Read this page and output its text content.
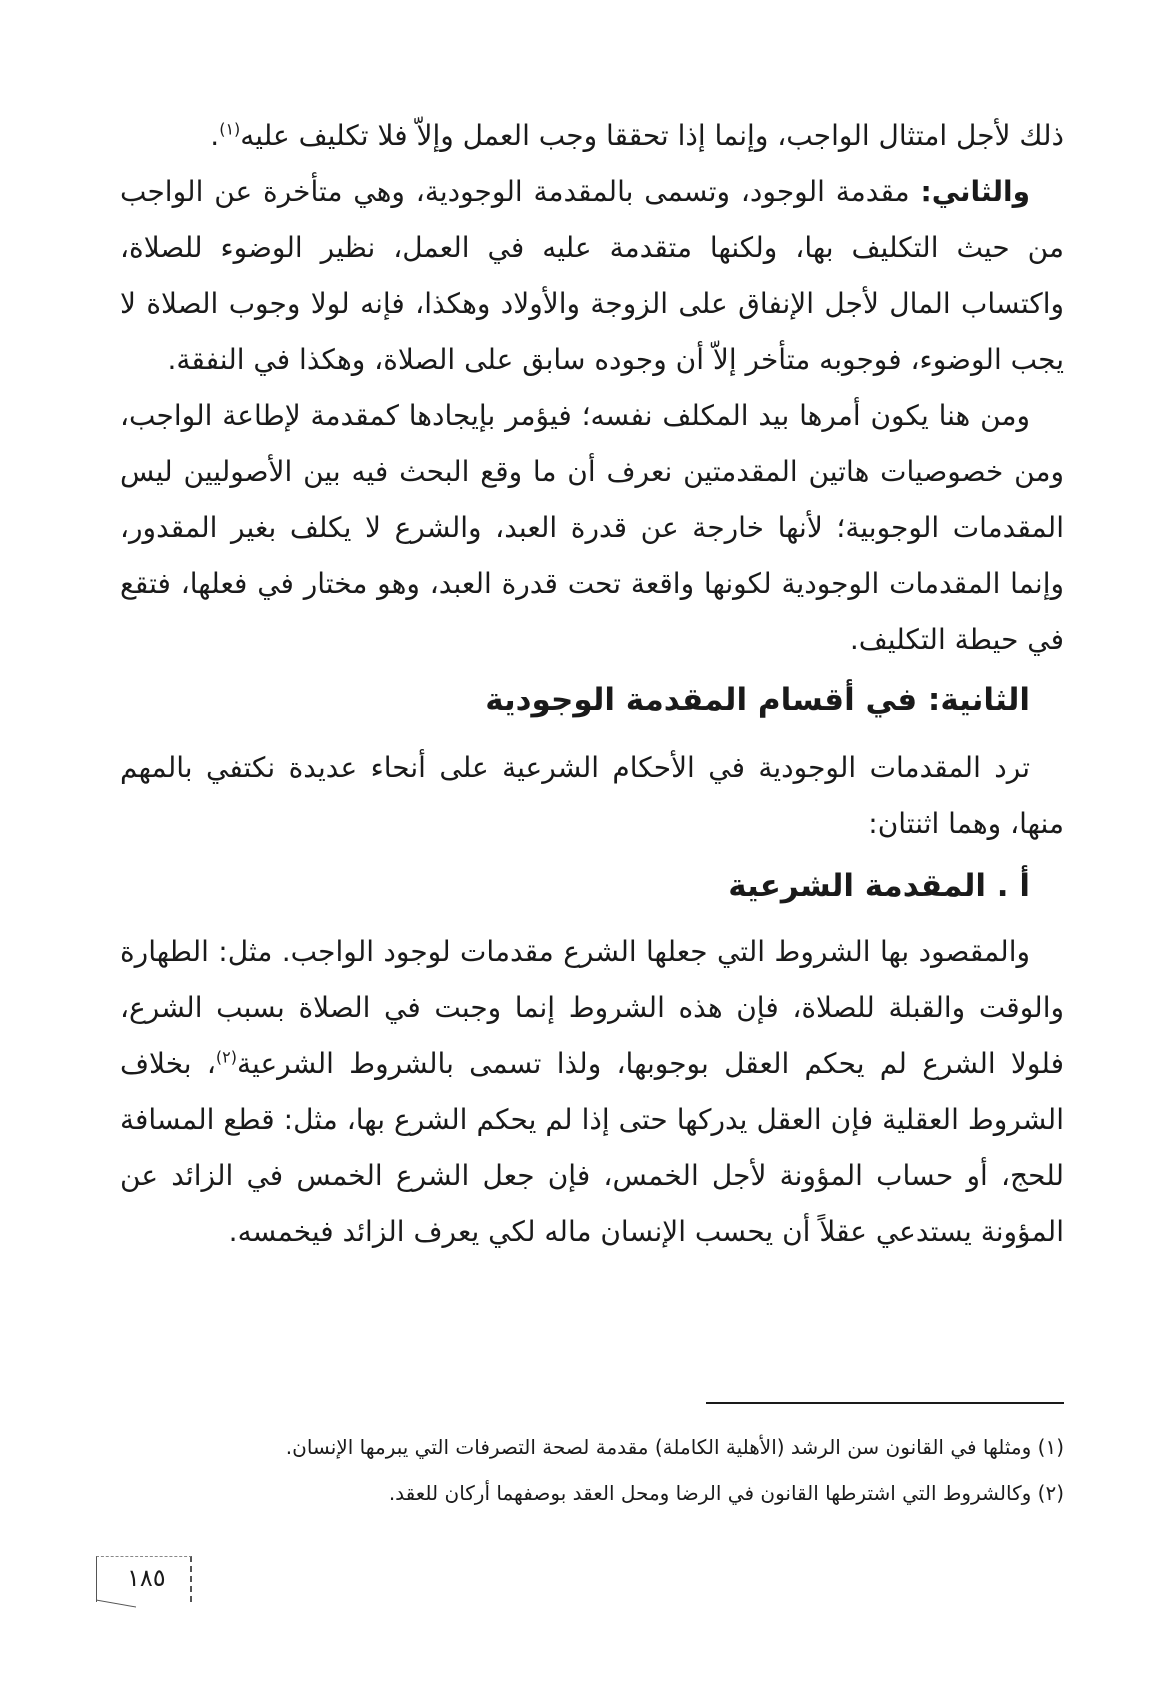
ذلك لأجل امتثال الواجب، وإنما إذا تحققا وجب العمل وإلاّ فلا تكليف عليه$^{(١)}$.

والثاني: مقدمة الوجود، وتسمى بالمقدمة الوجودية، وهي متأخرة عن الواجب من حيث التكليف بها، ولكنها متقدمة عليه في العمل، نظير الوضوء للصلاة، واكتساب المال لأجل الإنفاق على الزوجة والأولاد وهكذا، فإنه لولا وجوب الصلاة لا يجب الوضوء، فوجوبه متأخر إلاّ أن وجوده سابق على الصلاة، وهكذا في النفقة.

ومن هنا يكون أمرها بيد المكلف نفسه؛ فيؤمر بإيجادها كمقدمة لإطاعة الواجب، ومن خصوصيات هاتين المقدمتين نعرف أن ما وقع البحث فيه بين الأصوليين ليس المقدمات الوجوبية؛ لأنها خارجة عن قدرة العبد، والشرع لا يكلف بغير المقدور، وإنما المقدمات الوجودية لكونها واقعة تحت قدرة العبد، وهو مختار في فعلها، فتقع في حيطة التكليف.

الثانية: في أقسام المقدمة الوجودية

ترد المقدمات الوجودية في الأحكام الشرعية على أنحاء عديدة نكتفي بالمهم منها، وهما اثنتان:

أ . المقدمة الشرعية

والمقصود بها الشروط التي جعلها الشرع مقدمات لوجود الواجب. مثل: الطهارة والوقت والقبلة للصلاة، فإن هذه الشروط إنما وجبت في الصلاة بسبب الشرع، فلولا الشرع لم يحكم العقل بوجوبها، ولذا تسمى بالشروط الشرعية$^{(٢)}$، بخلاف الشروط العقلية فإن العقل يدركها حتى إذا لم يحكم الشرع بها، مثل: قطع المسافة للحج، أو حساب المؤونة لأجل الخمس، فإن جعل الشرع الخمس في الزائد عن المؤونة يستدعي عقلاً أن يحسب الإنسان ماله لكي يعرف الزائد فيخمسه.

(١) ومثلها في القانون سن الرشد (الأهلية الكاملة) مقدمة لصحة التصرفات التي يبرمها الإنسان.

(٢) وكالشروط التي اشترطها القانون في الرضا ومحل العقد بوصفهما أركان للعقد.

١٨٥
